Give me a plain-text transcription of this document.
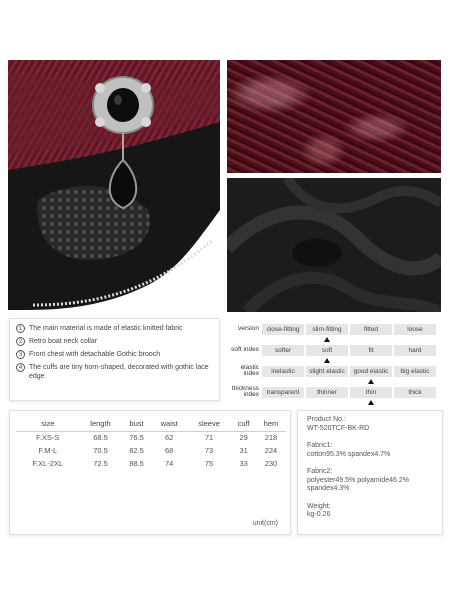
1 The main material is made of elastic knitted fabric
2 Retro boat neck collar
3 Front chest with detachable Gothic brooch
4 The cuffs are tiny horn-shaped, decorated with gothic lace edge
version	close-fitting	slim-fitting	fitted	loose
soft index	softer	soft	fit	hard
elastic index	inelastic	slight elastic	good elastic	big elastic
thickness index	transparent	thinner	thin	thick
size	length	bust	waist	sleeve	cuff	hem
F.XS-S	68.5	76.5	62	71	29	218
F.M-L	70.5	82.5	68	73	31	224
F.XL-2XL	72.5	88.5	74	75	33	230
unit(cm)
Product No.:
WT-520TCF-BK-RD
Fabric1:
cotton95.3% spandex4.7%
Fabric2:
polyester49.5% polyamide46.2%
spandex4.3%
Weight:
kg-0.26
